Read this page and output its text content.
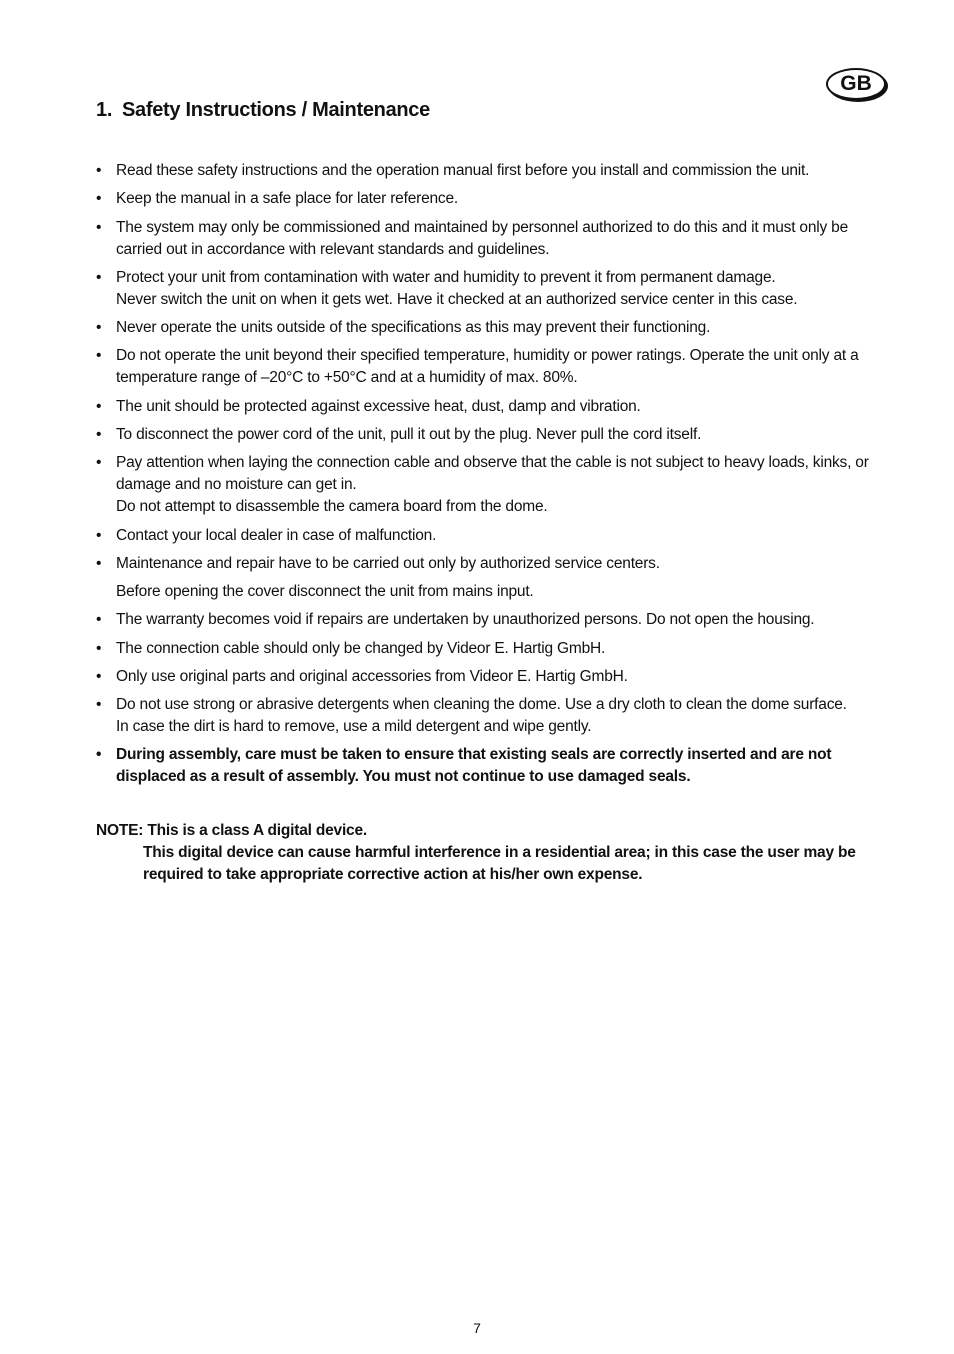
GB
1. Safety Instructions / Maintenance
• Read these safety instructions and the operation manual first before you install and commission the unit.
• Keep the manual in a safe place for later reference.
• The system may only be commissioned and maintained by personnel authorized to do this and it must only be
carried out in accordance with relevant standards and guidelines.
• Protect your unit from contamination with water and humidity to prevent it from permanent damage.
Never switch the unit on when it gets wet. Have it checked at an authorized service center in this case.
• Never operate the units outside of the specifications as this may prevent their functioning.
• Do not operate the unit beyond their specified temperature, humidity or power ratings. Operate the unit only at a
temperature range of –20°C to +50°C and at a humidity of max. 80%.
• The unit should be protected against excessive heat, dust, damp and vibration.
• To disconnect the power cord of the unit, pull it out by the plug. Never pull the cord itself.
• Pay attention when laying the connection cable and observe that the cable is not subject to heavy loads, kinks, or
damage and no moisture can get in.
Do not attempt to disassemble the camera board from the dome.
• Contact your local dealer in case of malfunction.
• Maintenance and repair have to be carried out only by authorized service centers.
Before opening the cover disconnect the unit from mains input.
• The warranty becomes void if repairs are undertaken by unauthorized persons. Do not open the housing.
• The connection cable should only be changed by Videor E. Hartig GmbH.
• Only use original parts and original accessories from Videor E. Hartig GmbH.
• Do not use strong or abrasive detergents when cleaning the dome. Use a dry cloth to clean the dome surface.
In case the dirt is hard to remove, use a mild detergent and wipe gently.
• During assembly, care must be taken to ensure that existing seals are correctly inserted and are not
displaced as a result of assembly. You must not continue to use damaged seals.
NOTE: This is a class A digital device.
This digital device can cause harmful interference in a residential area; in this case the user may be
required to take appropriate corrective action at his/her own expense.
7
